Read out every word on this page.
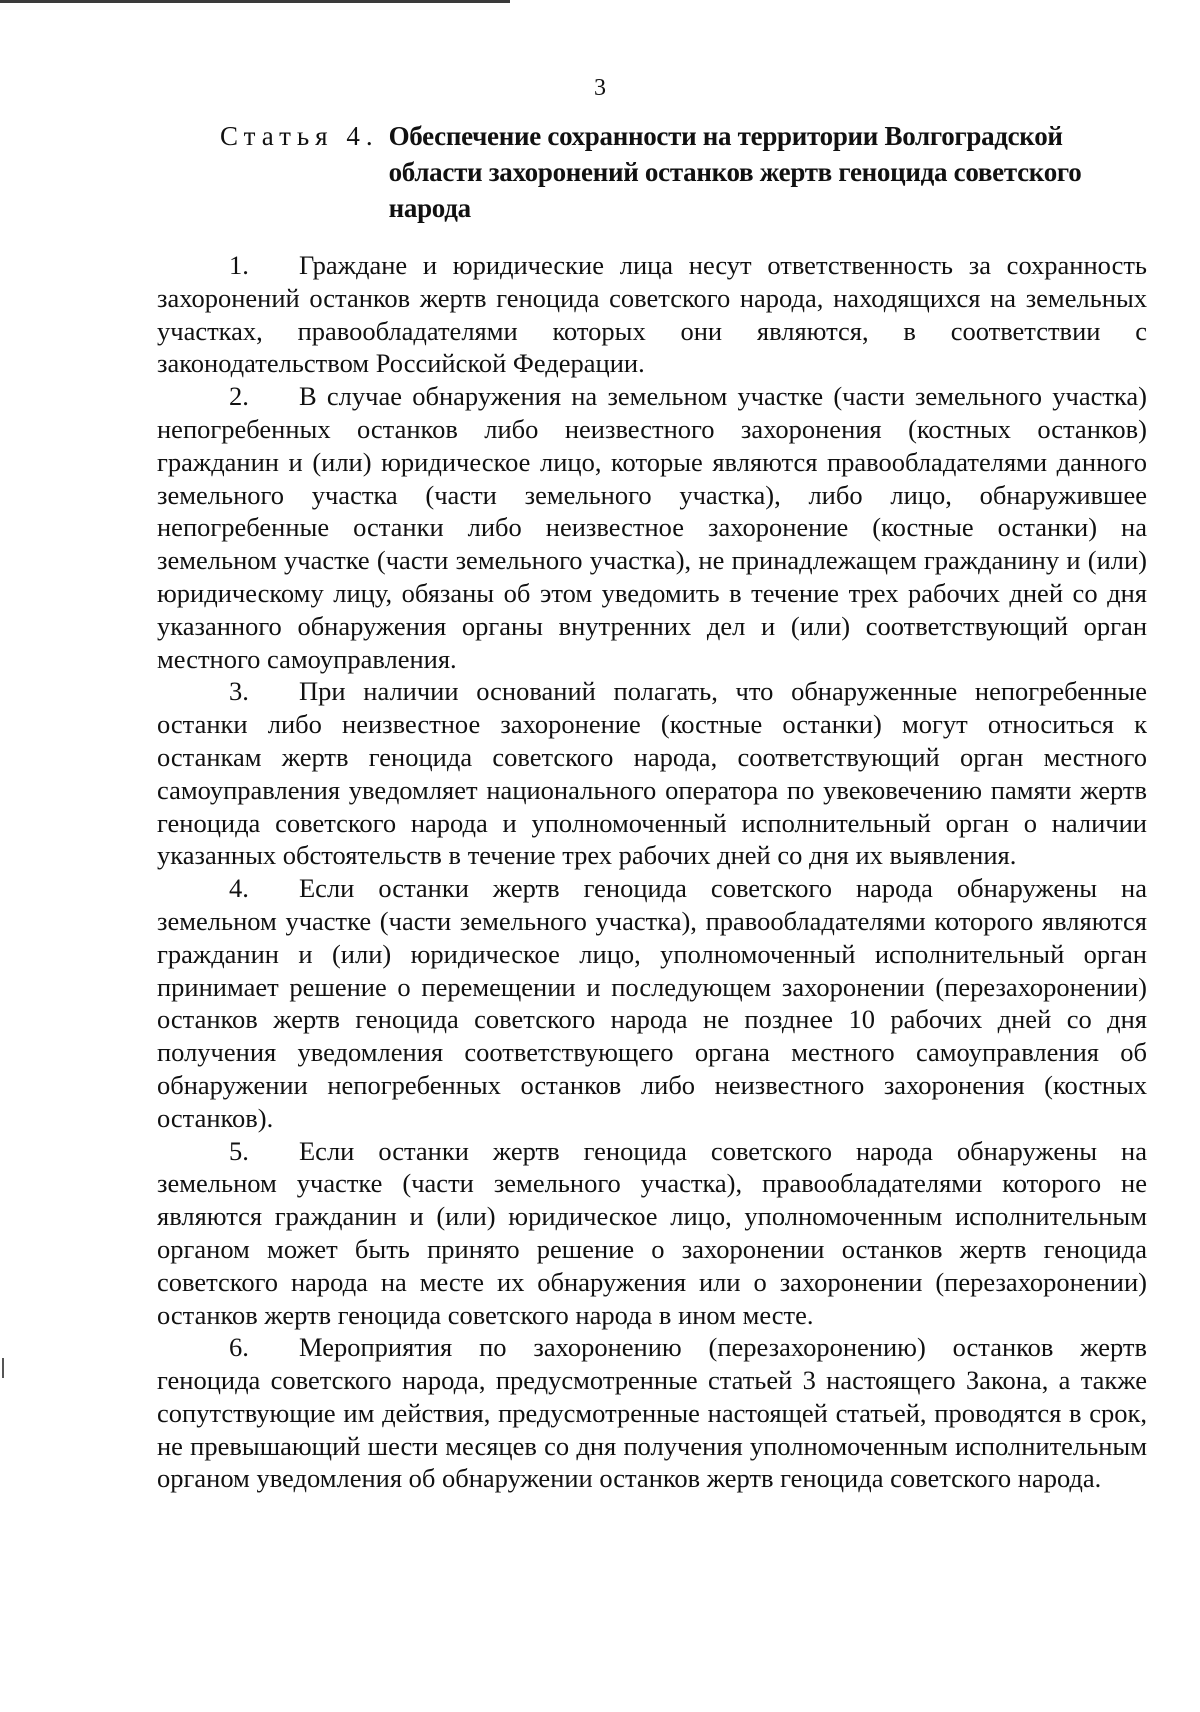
3
Статья 4. Обеспечение сохранности на территории Волгоградской области захоронений останков жертв геноцида советского народа

1. Граждане и юридические лица несут ответственность за сохранность захоронений останков жертв геноцида советского народа, находящихся на земельных участках, правообладателями которых они являются, в соответствии с законодательством Российской Федерации.

2. В случае обнаружения на земельном участке (части земельного участка) непогребенных останков либо неизвестного захоронения (костных останков) гражданин и (или) юридическое лицо, которые являются правообладателями данного земельного участка (части земельного участка), либо лицо, обнаружившее непогребенные останки либо неизвестное захоронение (костные останки) на земельном участке (части земельного участка), не принадлежащем гражданину и (или) юридическому лицу, обязаны об этом уведомить в течение трех рабочих дней со дня указанного обнаружения органы внутренних дел и (или) соответствующий орган местного самоуправления.

3. При наличии оснований полагать, что обнаруженные непогребенные останки либо неизвестное захоронение (костные останки) могут относиться к останкам жертв геноцида советского народа, соответствующий орган местного самоуправления уведомляет национального оператора по увековечению памяти жертв геноцида советского народа и уполномоченный исполнительный орган о наличии указанных обстоятельств в течение трех рабочих дней со дня их выявления.

4. Если останки жертв геноцида советского народа обнаружены на земельном участке (части земельного участка), правообладателями которого являются гражданин и (или) юридическое лицо, уполномоченный исполнительный орган принимает решение о перемещении и последующем захоронении (перезахоронении) останков жертв геноцида советского народа не позднее 10 рабочих дней со дня получения уведомления соответствующего органа местного самоуправления об обнаружении непогребенных останков либо неизвестного захоронения (костных останков).

5. Если останки жертв геноцида советского народа обнаружены на земельном участке (части земельного участка), правообладателями которого не являются гражданин и (или) юридическое лицо, уполномоченным исполнительным органом может быть принято решение о захоронении останков жертв геноцида советского народа на месте их обнаружения или о захоронении (перезахоронении) останков жертв геноцида советского народа в ином месте.

6. Мероприятия по захоронению (перезахоронению) останков жертв геноцида советского народа, предусмотренные статьей 3 настоящего Закона, а также сопутствующие им действия, предусмотренные настоящей статьей, проводятся в срок, не превышающий шести месяцев со дня получения уполномоченным исполнительным органом уведомления об обнаружении останков жертв геноцида советского народа.
